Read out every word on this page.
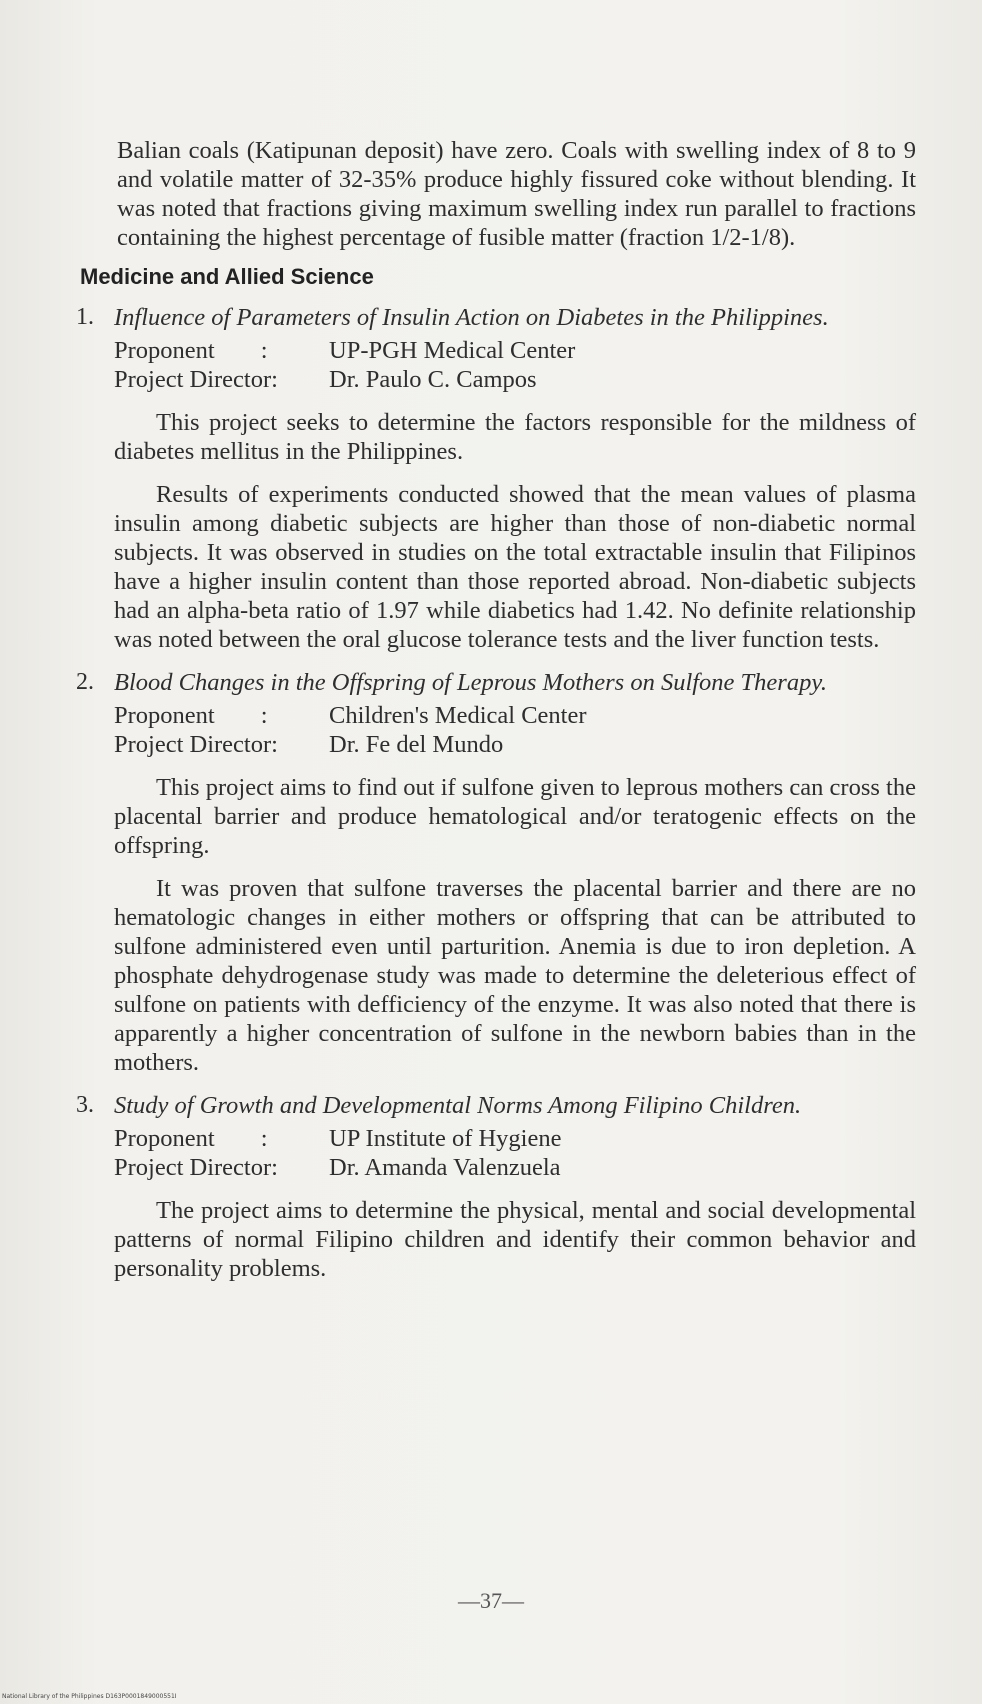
Balian coals (Katipunan deposit) have zero. Coals with swelling index of 8 to 9 and volatile matter of 32-35% produce highly fissured coke without blending. It was noted that fractions giving maximum swelling index run parallel to fractions containing the highest percentage of fusible matter (fraction 1/2-1/8).

Medicine and Allied Science
1. Influence of Parameters of Insulin Action on Diabetes in the Philippines.
Proponent :	UP-PGH Medical Center
Project Director:	Dr. Paulo C. Campos

This project seeks to determine the factors responsible for the mildness of diabetes mellitus in the Philippines.

Results of experiments conducted showed that the mean values of plasma insulin among diabetic subjects are higher than those of non-diabetic normal subjects. It was observed in studies on the total extractable insulin that Filipinos have a higher insulin content than those reported abroad. Non-diabetic subjects had an alpha-beta ratio of 1.97 while diabetics had 1.42. No definite relationship was noted between the oral glucose tolerance tests and the liver function tests.

2. Blood Changes in the Offspring of Leprous Mothers on Sulfone Therapy.
Proponent :	Children's Medical Center
Project Director:	Dr. Fe del Mundo

This project aims to find out if sulfone given to leprous mothers can cross the placental barrier and produce hematological and/or teratogenic effects on the offspring.

It was proven that sulfone traverses the placental barrier and there are no hematologic changes in either mothers or offspring that can be attributed to sulfone administered even until parturition. Anemia is due to iron depletion. A phosphate dehydrogenase study was made to determine the deleterious effect of sulfone on patients with defficiency of the enzyme. It was also noted that there is apparently a higher concentration of sulfone in the newborn babies than in the mothers.

3. Study of Growth and Developmental Norms Among Filipino Children.
Proponent :	UP Institute of Hygiene
Project Director:	Dr. Amanda Valenzuela

The project aims to determine the physical, mental and social developmental patterns of normal Filipino children and identify their common behavior and personality problems.

—37—
National Library of the Philippines D163P0001849000551I
